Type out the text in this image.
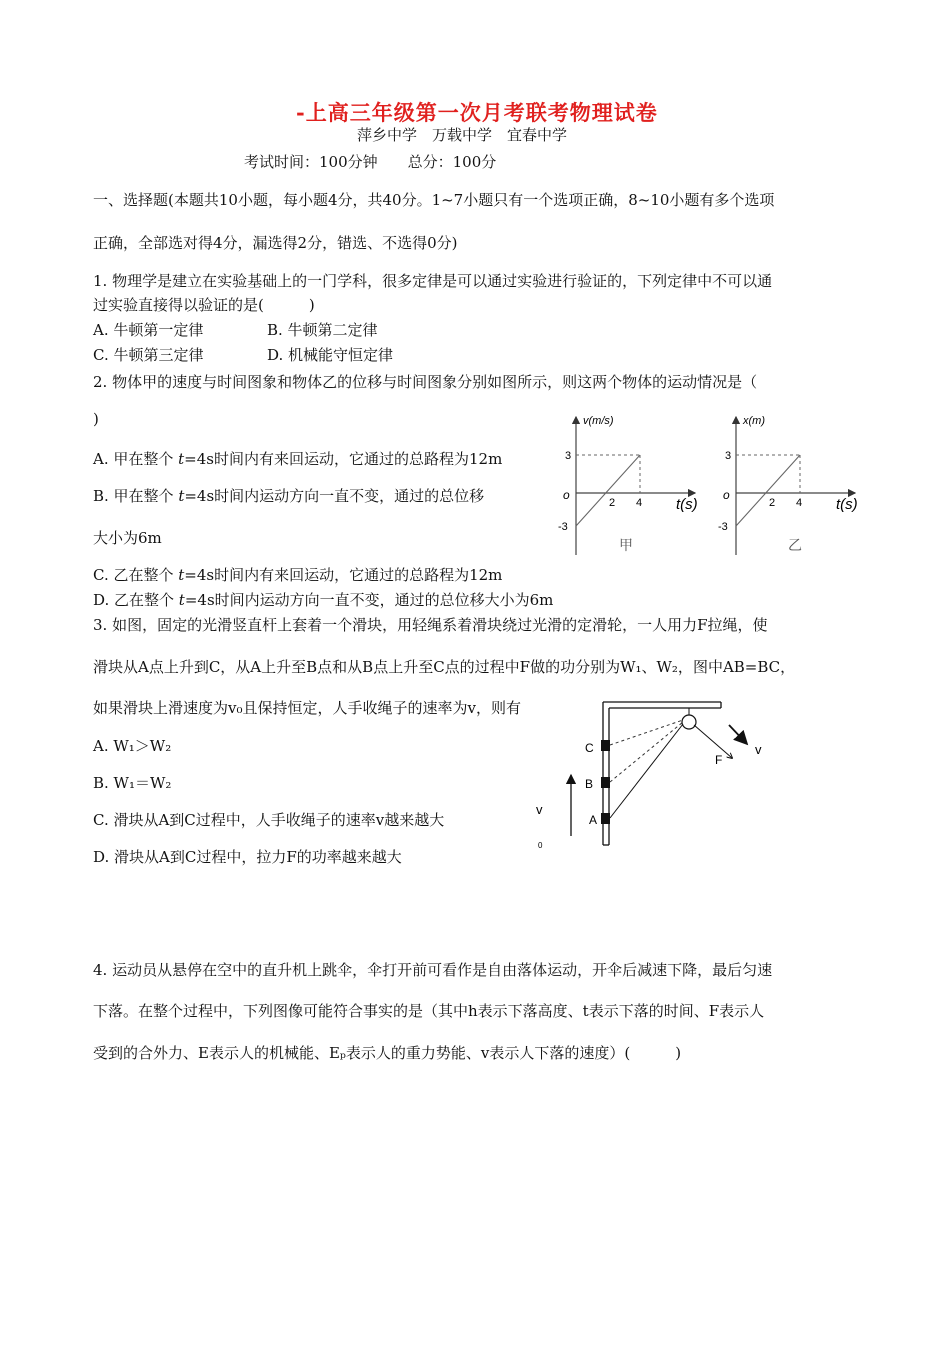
-上高三年级第一次月考联考物理试卷
萍乡中学　万载中学　宜春中学
考试时间：100分钟　　总分：100分
一、选择题(本题共10小题，每小题4分，共40分。1~7小题只有一个选项正确，8~10小题有多个选项
正确，全部选对得4分，漏选得2分，错选、不选得0分)
1. 物理学是建立在实验基础上的一门学科，很多定律是可以通过实验进行验证的，下列定律中不可以通
过实验直接得以验证的是(　　　)
A. 牛顿第一定律	B. 牛顿第二定律
C. 牛顿第三定律	D. 机械能守恒定律
2. 物体甲的速度与时间图象和物体乙的位移与时间图象分别如图所示，则这两个物体的运动情况是（
)
A. 甲在整个 t=4s时间内有来回运动，它通过的总路程为12m
B. 甲在整个 t=4s时间内运动方向一直不变，通过的总位移
大小为6m
C. 乙在整个 t=4s时间内有来回运动，它通过的总路程为12m
D. 乙在整个 t=4s时间内运动方向一直不变，通过的总位移大小为6m
v(m/s)
t(s)
o
3
-3
2 4
甲
x(m)
t(s)
o
3
-3
2 4
乙
3. 如图，固定的光滑竖直杆上套着一个滑块，用轻绳系着滑块绕过光滑的定滑轮，一人用力F拉绳，使
滑块从A点上升到C，从A上升至B点和从B点上升至C点的过程中F做的功分别为W₁、W₂，图中AB=BC，
如果滑块上滑速度为v₀且保持恒定，人手收绳子的速率为v，则有
A. W₁＞W₂
B. W₁＝W₂
C. 滑块从A到C过程中，人手收绳子的速率v越来越大
D. 滑块从A到C过程中，拉力F的功率越来越大
C
B
A
F
v
v
0
4. 运动员从悬停在空中的直升机上跳伞，伞打开前可看作是自由落体运动，开伞后减速下降，最后匀速
下落。在整个过程中，下列图像可能符合事实的是（其中h表示下落高度、t表示下落的时间、F表示人
受到的合外力、E表示人的机械能、Eₚ表示人的重力势能、v表示人下落的速度）(　　　)
